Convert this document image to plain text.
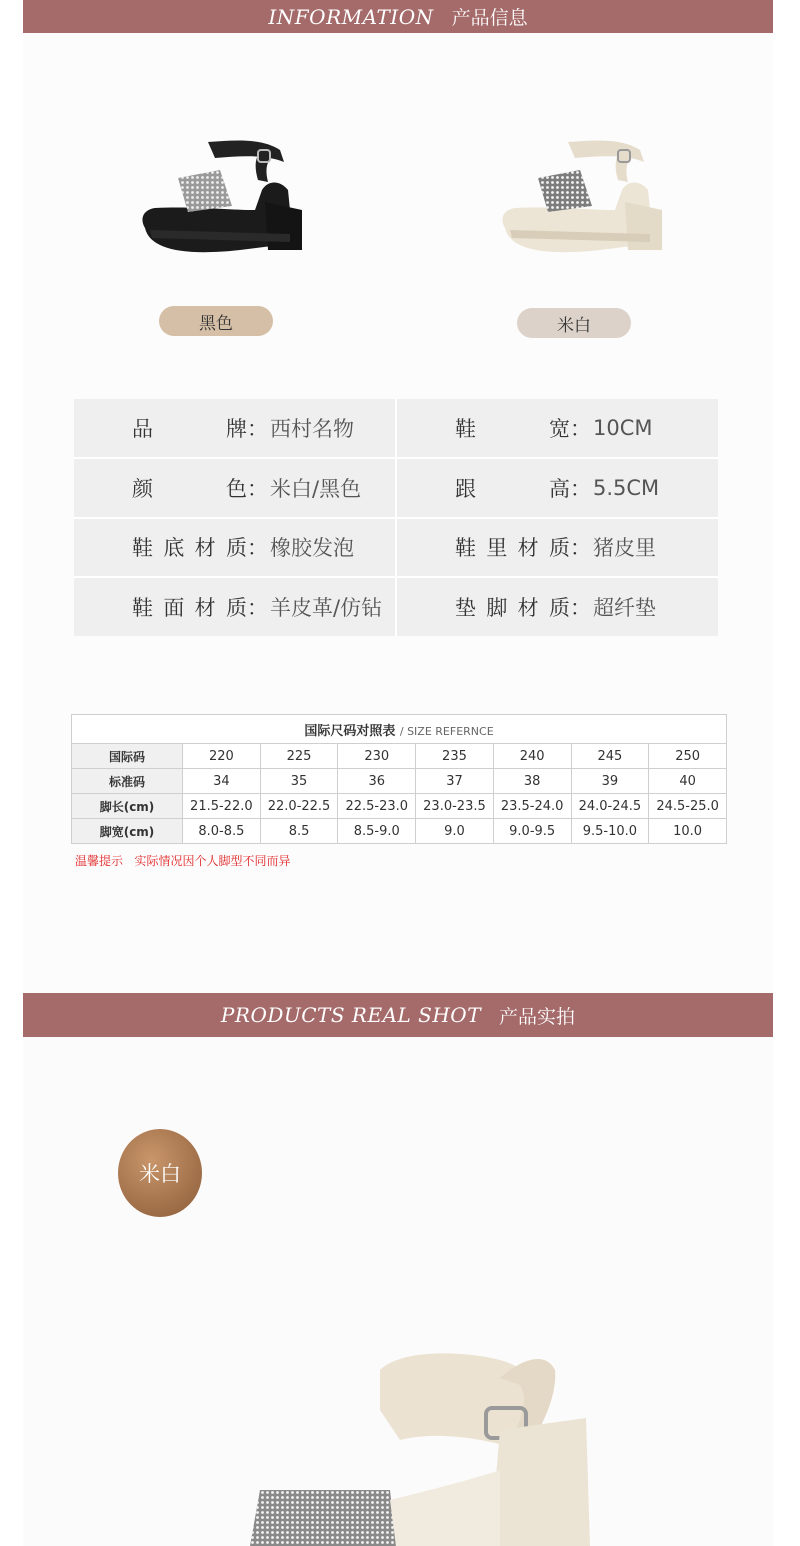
INFORMATION 产品信息
黑色	米白
品牌 ： 西村名物	鞋宽 ： 10CM
颜色 ： 米白/黑色	跟高 ： 5.5CM
鞋底材质 ： 橡胶发泡	鞋里材质 ： 猪皮里
鞋面材质 ： 羊皮革/仿钻	垫脚材质 ： 超纤垫
国际尺码对照表 / SIZE REFERNCE							
国际码	220	225	230	235	240	245	250
标准码	34	35	36	37	38	39	40
脚长(cm)	21.5-22.0	22.0-22.5	22.5-23.0	23.0-23.5	23.5-24.0	24.0-24.5	24.5-25.0
脚宽(cm)	8.0-8.5	8.5	8.5-9.0	9.0	9.0-9.5	9.5-10.0	10.0
温馨提示   实际情况因个人脚型不同而异
PRODUCTS REAL SHOT 产品实拍
米白
